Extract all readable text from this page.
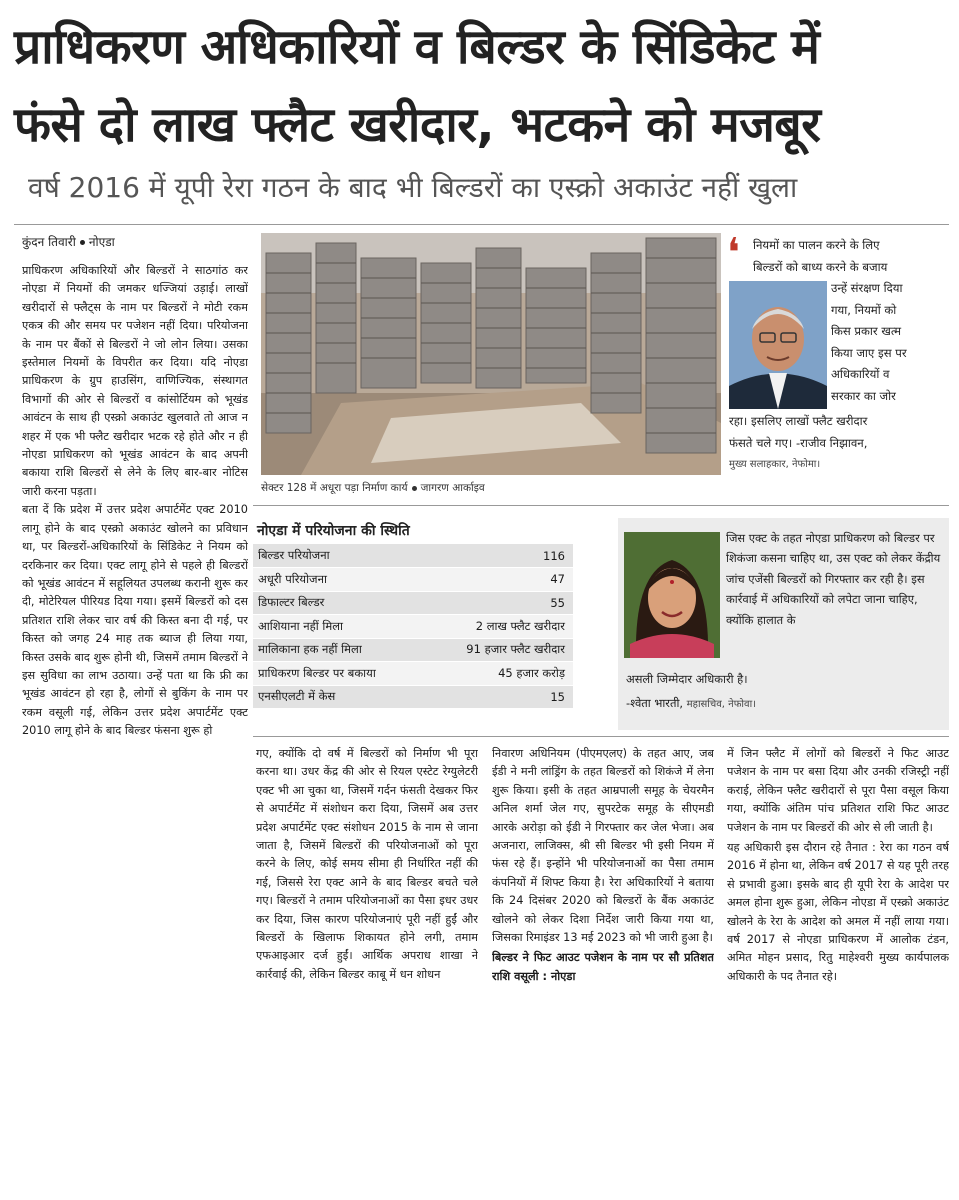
प्राधिकरण अधिकारियों व बिल्डर के सिंडिकेट में
फंसे दो लाख फ्लैट खरीदार, भटकने को मजबूर
वर्ष 2016 में यूपी रेरा गठन के बाद भी बिल्डरों का एस्क्रो अकाउंट नहीं खुला
कुंदन तिवारी नोएडा

प्राधिकरण अधिकारियों और बिल्डरों ने साठगांठ कर नोएडा में नियमों की जमकर धज्जियां उड़ाई। लाखों खरीदारों से फ्लैट्स के नाम पर बिल्डरों ने मोटी रकम एकत्र की और समय पर पजेशन नहीं दिया। परियोजना के नाम पर बैंकों से बिल्डरों ने जो लोन लिया। उसका इस्तेमाल नियमों के विपरीत कर दिया। यदि नोएडा प्राधिकरण के ग्रुप हाउसिंग, वाणिज्यिक, संस्थागत विभागों की ओर से बिल्डरों व कांसोर्टियम को भूखंड आवंटन के साथ ही एस्क्रो अकाउंट खुलवाते तो आज न शहर में एक भी फ्लैट खरीदार भटक रहे होते और न ही नोएडा प्राधिकरण को भूखंड आवंटन के बाद अपनी बकाया राशि बिल्डरों से लेने के लिए बार-बार नोटिस जारी करना पड़ता।

बता दें कि प्रदेश में उत्तर प्रदेश अपार्टमेंट एक्ट 2010 लागू होने के बाद एस्क्रो अकाउंट खोलने का प्रविधान था, पर बिल्डरों-अधिकारियों के सिंडिकेट ने नियम को दरकिनार कर दिया। एक्ट लागू होने से पहले ही बिल्डरों को भूखंड आवंटन में सहूलियत उपलब्ध करानी शुरू कर दी, मोटेरियल पीरियड दिया गया। इसमें बिल्डरों को दस प्रतिशत राशि लेकर चार वर्ष की किस्त बना दी गई, पर किस्त को जगह 24 माह तक ब्याज ही लिया गया, किस्त उसके बाद शुरू होनी थी, जिसमें तमाम बिल्डरों ने इस सुविधा का लाभ उठाया। उन्हें पता था कि फ्री का भूखंड आवंटन हो रहा है, लोगों से बुकिंग के नाम पर रकम वसूली गई, लेकिन उत्तर प्रदेश अपार्टमेंट एक्ट 2010 लागू होने के बाद बिल्डर फंसना शुरू हो

सेक्टर 128 में अधूरा पड़ा निर्माण कार्य जागरण आर्काइव
❛ नियमों का पालन करने के लिए
बिल्डरों को बाध्य करने के बजाय
उन्हें संरक्षण दिया
गया, नियमों को
किस प्रकार खत्म
किया जाए इस पर
अधिकारियों व
सरकार का जोर
रहा। इसलिए लाखों फ्लैट खरीदार
फंसते चले गए। -राजीव निझावन,
मुख्य सलाहकार, नेफोमा।
नोएडा में परियोजना की स्थिति
बिल्डर परियोजना	116
अधूरी परियोजना	47
डिफाल्टर बिल्डर	55
आशियाना नहीं मिला	2 लाख फ्लैट खरीदार
मालिकाना हक नहीं मिला	91 हजार फ्लैट खरीदार
प्राधिकरण बिल्डर पर बकाया	45 हजार करोड़
एनसीएलटी में केस	15
जिस एक्ट के तहत नोएडा प्राधिकरण को बिल्डर पर शिकंजा कसना चाहिए था, उस एक्ट को लेकर केंद्रीय जांच एजेंसी बिल्डरों को गिरफ्तार कर रही है। इस कार्रवाई में अधिकारियों को लपेटा जाना चाहिए, क्योंकि हालात के
असली जिम्मेदार अधिकारी है।
-श्वेता भारती, महासचिव, नेफोवा।

गए, क्योंकि दो वर्ष में बिल्डरों को निर्माण भी पूरा करना था। उधर केंद्र की ओर से रियल एस्टेट रेग्युलेटरी एक्ट भी आ चुका था, जिसमें गर्दन फंसती देखकर फिर से अपार्टमेंट में संशोधन करा दिया, जिसमें अब उत्तर प्रदेश अपार्टमेंट एक्ट संशोधन 2015 के नाम से जाना जाता है, जिसमें बिल्डरों की परियोजनाओं को पूरा करने के लिए, कोई समय सीमा ही निर्धारित नहीं की गई, जिससे रेरा एक्ट आने के बाद बिल्डर बचते चले गए। बिल्डरों ने तमाम परियोजनाओं का पैसा इधर उधर कर दिया, जिस कारण परियोजनाएं पूरी नहीं हुईं और बिल्डरों के खिलाफ शिकायत होने लगी, तमाम एफआइआर दर्ज हुईं। आर्थिक अपराध शाखा ने कार्रवाई की, लेकिन बिल्डर काबू में धन शोधन

निवारण अधिनियम (पीएमएलए) के तहत आए, जब ईडी ने मनी लांड्रिंग के तहत बिल्डरों को शिकंजे में लेना शुरू किया। इसी के तहत आम्रपाली समूह के चेयरमैन अनिल शर्मा जेल गए, सुपरटेक समूह के सीएमडी आरके अरोड़ा को ईडी ने गिरफ्तार कर जेल भेजा। अब अजनारा, लाजिक्स, श्री सी बिल्डर भी इसी नियम में फंस रहे हैं। इन्होंने भी परियोजनाओं का पैसा तमाम कंपनियों में शिफ्ट किया है। रेरा अधिकारियों ने बताया कि 24 दिसंबर 2020 को बिल्डरों के बैंक अकाउंट खोलने को लेकर दिशा निर्देश जारी किया गया था, जिसका रिमाइंडर 13 मई 2023 को भी जारी हुआ है।

बिल्डर ने फिट आउट पजेशन के नाम पर सौ प्रतिशत राशि वसूली : नोएडा

में जिन फ्लैट में लोगों को बिल्डरों ने फिट आउट पजेशन के नाम पर बसा दिया और उनकी रजिस्ट्री नहीं कराई, लेकिन फ्लैट खरीदारों से पूरा पैसा वसूल किया गया, क्योंकि अंतिम पांच प्रतिशत राशि फिट आउट पजेशन के नाम पर बिल्डरों की ओर से ली जाती है।

यह अधिकारी इस दौरान रहे तैनात : रेरा का गठन वर्ष 2016 में होना था, लेकिन वर्ष 2017 से यह पूरी तरह से प्रभावी हुआ। इसके बाद ही यूपी रेरा के आदेश पर अमल होना शुरू हुआ, लेकिन नोएडा में एस्क्रो अकाउंट खोलने के रेरा के आदेश को अमल में नहीं लाया गया। वर्ष 2017 से नोएडा प्राधिकरण में आलोक टंडन, अमित मोहन प्रसाद, रितु माहेश्वरी मुख्य कार्यपालक अधिकारी के पद तैनात रहे।
